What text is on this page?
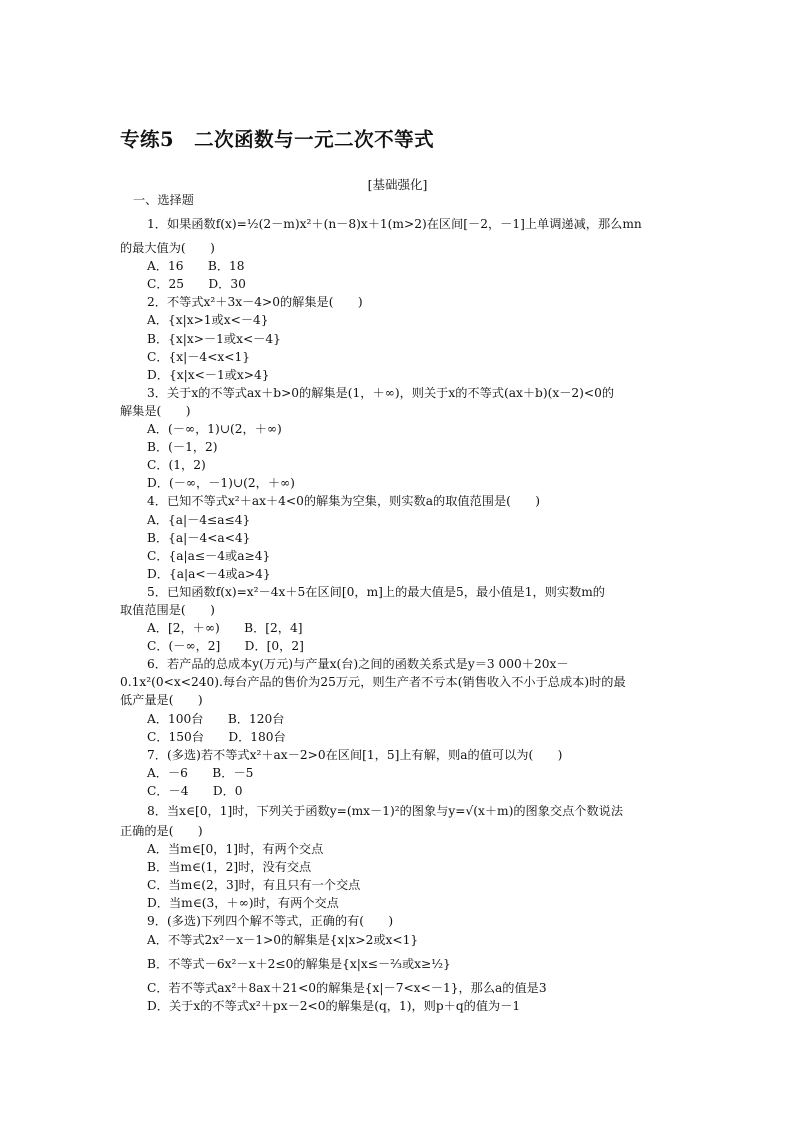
专练5　二次函数与一元二次不等式
[基础强化]
一、选择题
1．如果函数f(x)=½(2－m)x²＋(n－8)x＋1(m>2)在区间[－2，－1]上单调递减，那么mn
的最大值为(　　)
A．16　　B．18
C．25　　D．30
2．不等式x²＋3x－4>0的解集是(　　)
A．{x|x>1或x<－4}
B．{x|x>－1或x<－4}
C．{x|－4<x<1}
D．{x|x<－1或x>4}
3．关于x的不等式ax＋b>0的解集是(1，＋∞)，则关于x的不等式(ax＋b)(x－2)<0的
解集是(　　)
A．(－∞，1)∪(2，＋∞)
B．(－1，2)
C．(1，2)
D．(－∞，－1)∪(2，＋∞)
4．已知不等式x²＋ax＋4<0的解集为空集，则实数a的取值范围是(　　)
A．{a|－4≤a≤4}
B．{a|－4<a<4}
C．{a|a≤－4或a≥4}
D．{a|a<－4或a>4}
5．已知函数f(x)=x²－4x＋5在区间[0，m]上的最大值是5，最小值是1，则实数m的
取值范围是(　　)
A．[2，＋∞)　　B．[2，4]
C．(－∞，2]　　D．[0，2]
6．若产品的总成本y(万元)与产量x(台)之间的函数关系式是y＝3 000＋20x－
0.1x²(0<x<240).每台产品的售价为25万元，则生产者不亏本(销售收入不小于总成本)时的最
低产量是(　　)
A．100台　　B．120台
C．150台　　D．180台
7．(多选)若不等式x²＋ax－2>0在区间[1，5]上有解，则a的值可以为(　　)
A．－6　　B．－5
C．－4　　D．0
8．当x∈[0，1]时，下列关于函数y=(mx－1)²的图象与y=√(x＋m)的图象交点个数说法
正确的是(　　)
A．当m∈[0，1]时，有两个交点
B．当m∈(1，2]时，没有交点
C．当m∈(2，3]时，有且只有一个交点
D．当m∈(3，＋∞)时，有两个交点
9．(多选)下列四个解不等式，正确的有(　　)
A．不等式2x²－x－1>0的解集是{x|x>2或x<1}
B．不等式－6x²－x＋2≤0的解集是{x|x≤－⅔或x≥½}
C．若不等式ax²＋8ax＋21<0的解集是{x|－7<x<－1}，那么a的值是3
D．关于x的不等式x²＋px－2<0的解集是(q，1)，则p＋q的值为－1
